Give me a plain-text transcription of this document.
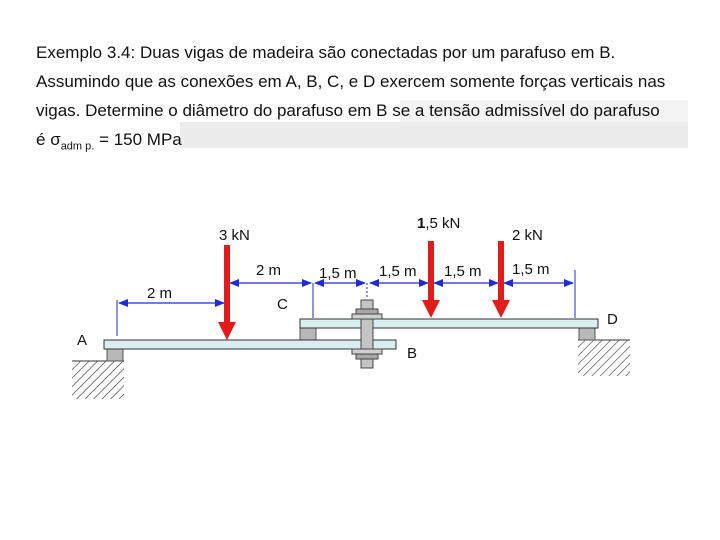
Exemplo 3.4: Duas vigas de madeira são conectadas por um parafuso em B.

Assumindo que as conexões em A, B, C, e D exercem somente forças verticais nas

vigas. Determine o diâmetro do parafuso em B se a tensão admissível do parafuso

é $\sigma_{adm p.} = 150$ MPa

3 kN
1,5 kN
2 kN
2 m
2 m	1,5 m 1,5 m 1,5 m 1,5 m
A
B
C
D
